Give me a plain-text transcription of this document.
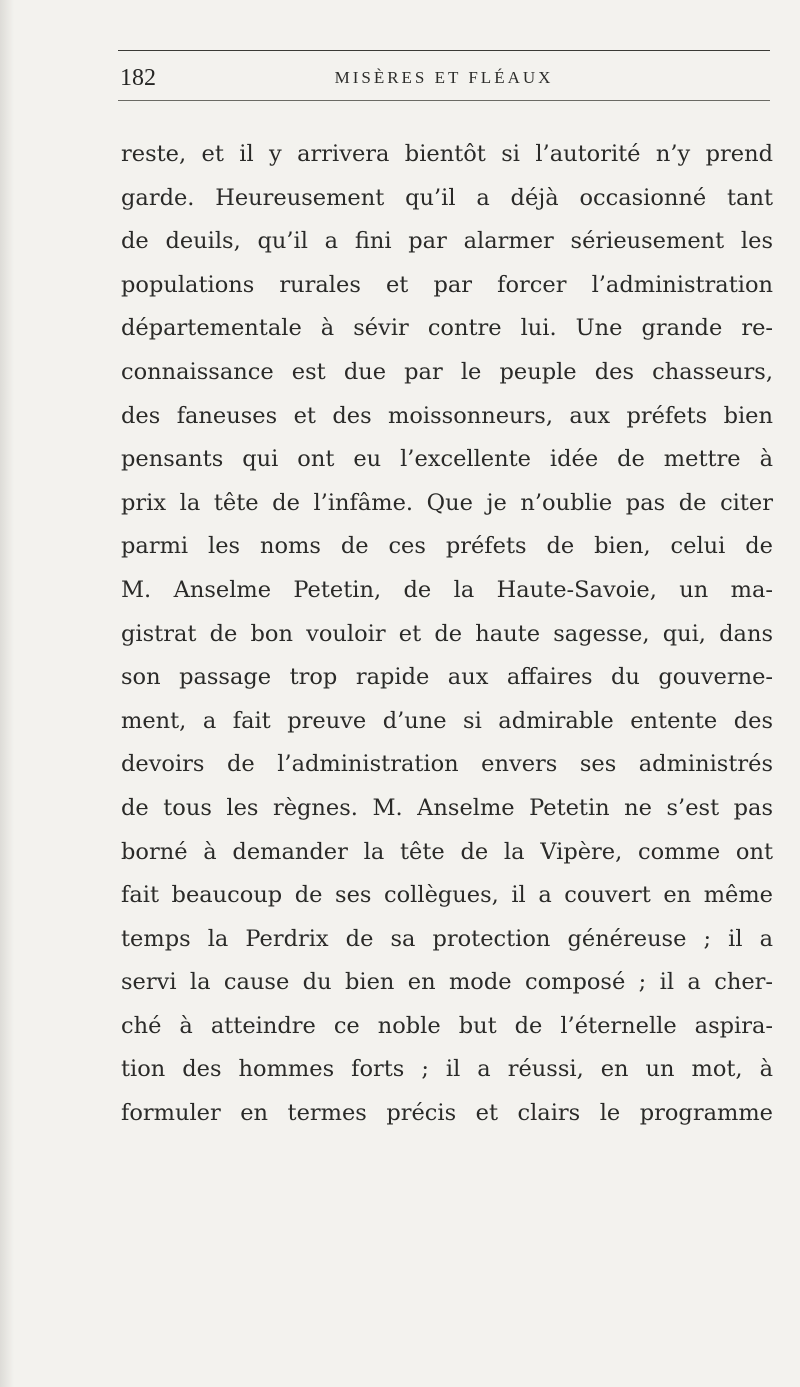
182	MISÈRES ET FLÉAUX
reste, et il y arrivera bientôt si l’autorité n’y prend
garde. Heureusement qu’il a déjà occasionné tant
de deuils, qu’il a fini par alarmer sérieusement les
populations rurales et par forcer l’administration
départementale à sévir contre lui. Une grande re-
connaissance est due par le peuple des chasseurs,
des faneuses et des moissonneurs, aux préfets bien
pensants qui ont eu l’excellente idée de mettre à
prix la tête de l’infâme. Que je n’oublie pas de citer
parmi les noms de ces préfets de bien, celui de
M. Anselme Petetin, de la Haute-Savoie, un ma-
gistrat de bon vouloir et de haute sagesse, qui, dans
son passage trop rapide aux affaires du gouverne-
ment, a fait preuve d’une si admirable entente des
devoirs de l’administration envers ses administrés
de tous les règnes. M. Anselme Petetin ne s’est pas
borné à demander la tête de la Vipère, comme ont
fait beaucoup de ses collègues, il a couvert en même
temps la Perdrix de sa protection généreuse ; il a
servi la cause du bien en mode composé ; il a cher-
ché à atteindre ce noble but de l’éternelle aspira-
tion des hommes forts ; il a réussi, en un mot, à
formuler en termes précis et clairs le programme
